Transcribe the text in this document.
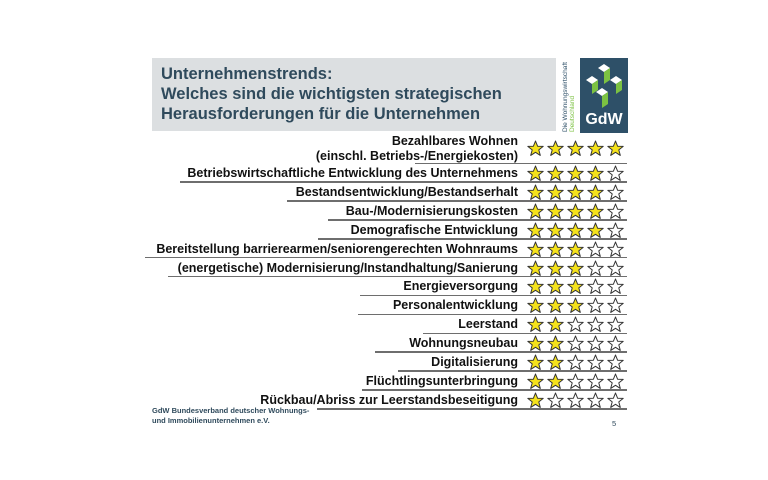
Unternehmenstrends:
Welches sind die wichtigsten strategischen
Herausforderungen für die Unternehmen	Die Wohnungswirtschaft Deutschland GdW
Bezahlbares Wohnen
(einschl. Betriebs-/Energiekosten)
Betriebswirtschaftliche Entwicklung des Unternehmens
Bestandsentwicklung/Bestandserhalt
Bau-/Modernisierungskosten
Demografische Entwicklung
Bereitstellung barrierearmen/seniorengerechten Wohnraums
(energetische) Modernisierung/Instandhaltung/Sanierung
Energieversorgung
Personalentwicklung
Leerstand
Wohnungsneubau
Digitalisierung
Flüchtlingsunterbringung
Rückbau/Abriss zur Leerstandsbeseitigung
GdW Bundesverband deutscher Wohnungs-
und Immobilienunternehmen e.V.	5
